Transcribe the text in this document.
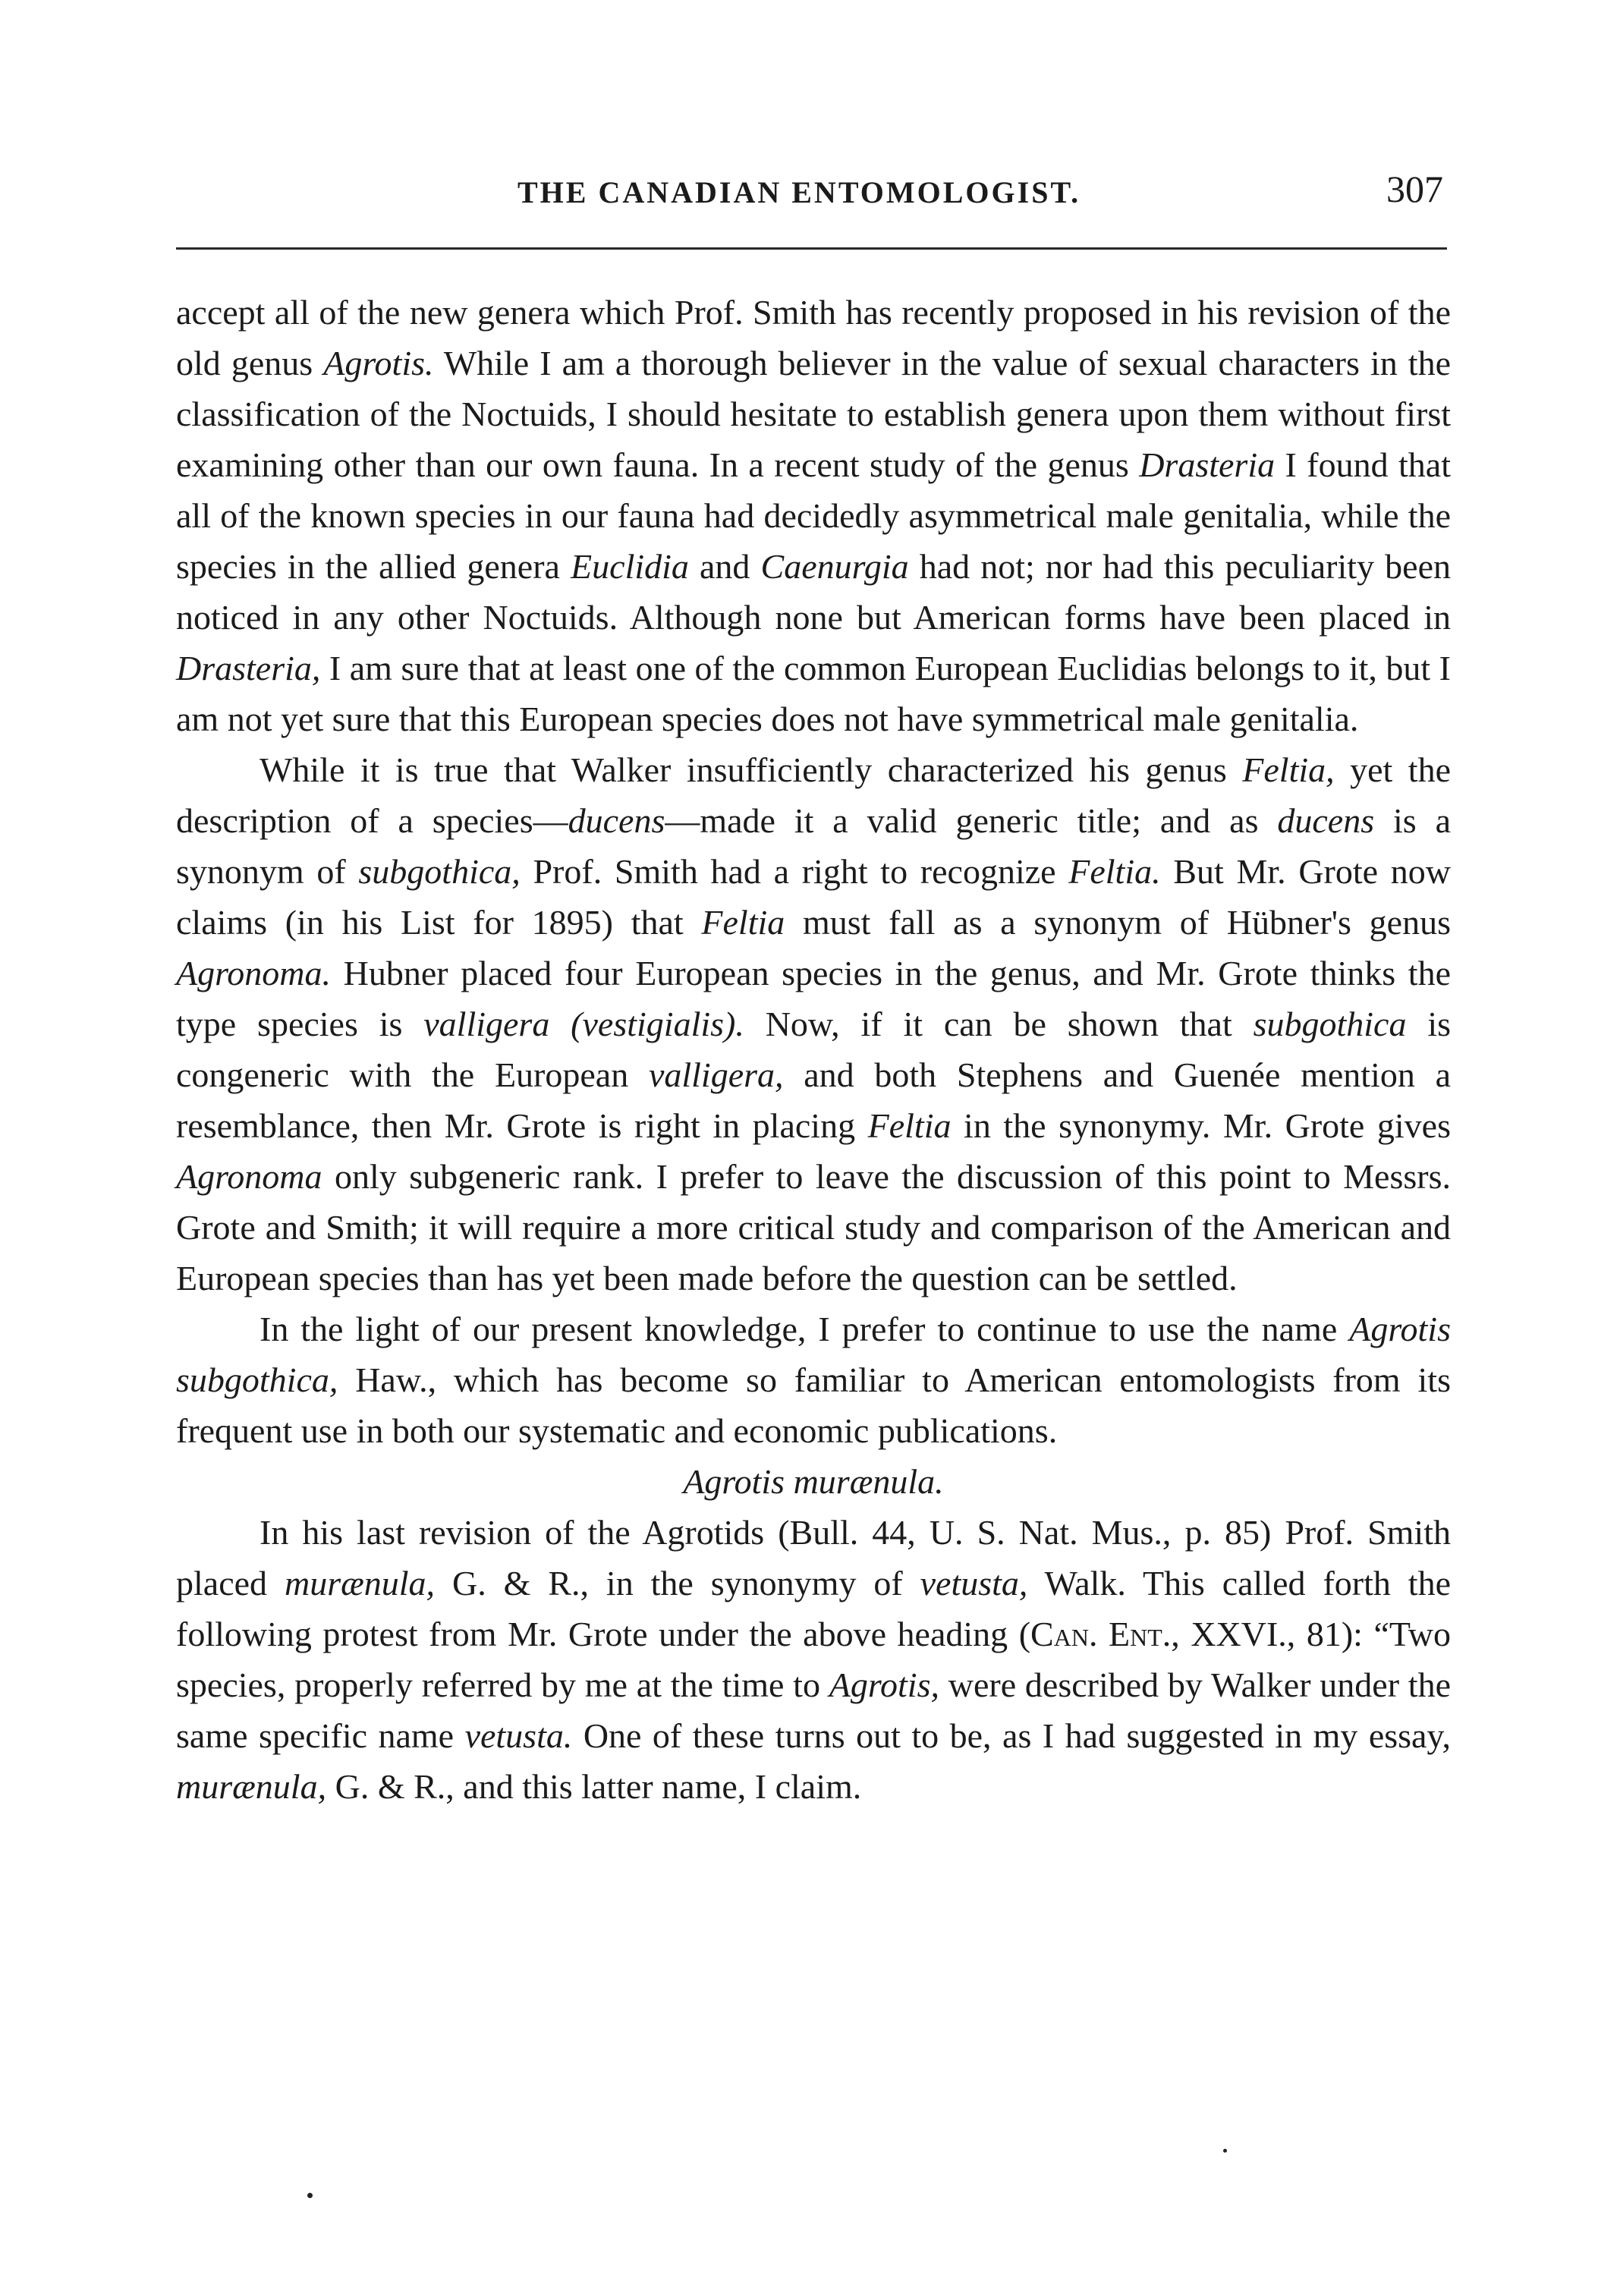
THE CANADIAN ENTOMOLOGIST.	307

accept all of the new genera which Prof. Smith has recently proposed in his revision of the old genus Agrotis. While I am a thorough believer in the value of sexual characters in the classification of the Noctuids, I should hesitate to establish genera upon them without first examining other than our own fauna. In a recent study of the genus Drasteria I found that all of the known species in our fauna had decidedly asymmetrical male genitalia, while the species in the allied genera Euclidia and Caenurgia had not; nor had this peculiarity been noticed in any other Noctuids. Although none but American forms have been placed in Drasteria, I am sure that at least one of the common European Euclidias belongs to it, but I am not yet sure that this European species does not have symmetrical male genitalia.

While it is true that Walker insufficiently characterized his genus Feltia, yet the description of a species—ducens—made it a valid generic title; and as ducens is a synonym of subgothica, Prof. Smith had a right to recognize Feltia. But Mr. Grote now claims (in his List for 1895) that Feltia must fall as a synonym of Hübner's genus Agronoma. Hubner placed four European species in the genus, and Mr. Grote thinks the type species is valligera (vestigialis). Now, if it can be shown that subgothica is congeneric with the European valligera, and both Stephens and Guenée mention a resemblance, then Mr. Grote is right in placing Feltia in the synonymy. Mr. Grote gives Agronoma only subgeneric rank. I prefer to leave the discussion of this point to Messrs. Grote and Smith; it will require a more critical study and comparison of the American and European species than has yet been made before the question can be settled.

In the light of our present knowledge, I prefer to continue to use the name Agrotis subgothica, Haw., which has become so familiar to American entomologists from its frequent use in both our systematic and economic publications.

Agrotis murænula.

In his last revision of the Agrotids (Bull. 44, U. S. Nat. Mus., p. 85) Prof. Smith placed murænula, G. & R., in the synonymy of vetusta, Walk. This called forth the following protest from Mr. Grote under the above heading (Can. Ent., XXVI., 81): “Two species, properly referred by me at the time to Agrotis, were described by Walker under the same specific name vetusta. One of these turns out to be, as I had suggested in my essay, murænula, G. & R., and this latter name, I claim.
